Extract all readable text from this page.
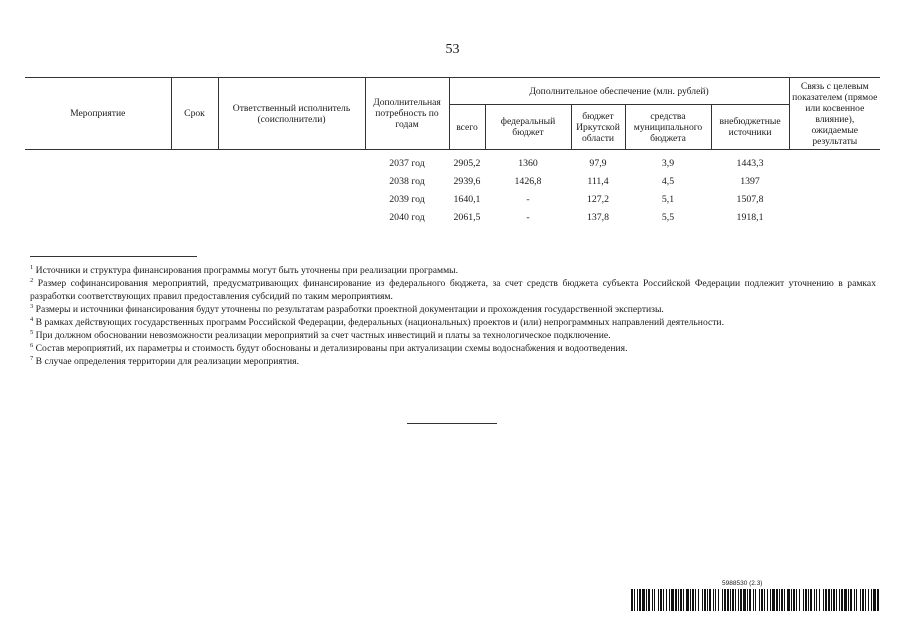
53
Мероприятие	Срок	Ответственный исполнитель (соисполнители)	Дополнительная потребность по годам	Дополнительное обеспечение (млн. рублей)					Связь с целевым показателем (прямое или косвенное влияние), ожидаемые результаты
				всего	федеральный бюджет	бюджет Иркутской области	средства муниципального бюджета	внебюджетные источники	

			2037 год	2905,2	1360	97,9	3,9	1443,3	
			2038 год	2939,6	1426,8	111,4	4,5	1397	
			2039 год	1640,1	-	127,2	5,1	1507,8	
			2040 год	2061,5	-	137,8	5,5	1918,1	

$^1$ Источники и структура финансирования программы могут быть уточнены при реализации программы.

$^2$ Размер софинансирования мероприятий, предусматривающих финансирование из федерального бюджета, за счет средств бюджета субъекта Российской Федерации подлежит уточнению в рамках разработки соответствующих правил предоставления субсидий по таким мероприятиям.

$^3$ Размеры и источники финансирования будут уточнены по результатам разработки проектной документации и прохождения государственной экспертизы.

$^4$ В рамках действующих государственных программ Российской Федерации, федеральных (национальных) проектов и (или) непрограммных направлений деятельности.

$^5$ При должном обосновании невозможности реализации мероприятий за счет частных инвестиций и платы за технологическое подключение.

$^6$ Состав мероприятий, их параметры и стоимость будут обоснованы и детализированы при актуализации схемы водоснабжения и водоотведения.

$^7$ В случае определения территории для реализации мероприятия.

5988530 (2.3)
